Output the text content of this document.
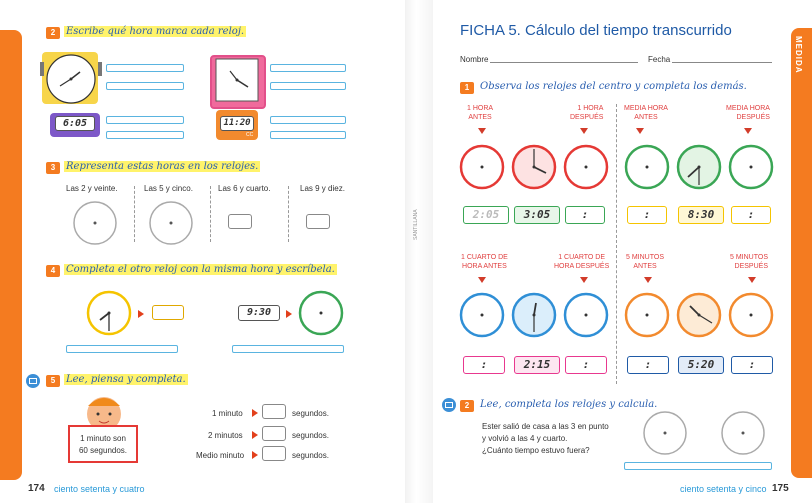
MEDIDA
SANTILLANA
2	Escribe qué hora marca cada reloj.
6:05	11:20
CC
3	Representa estas horas en los relojes.
Las 2 y veinte.	Las 5 y cinco.	Las 6 y cuarto.	Las 9 y diez.
4	Completa el otro reloj con la misma hora y escríbela.
9:30
5	Lee, piensa y completa.
1 minuto son
60 segundos.
1 minuto	segundos.
2 minutos	segundos.
Medio minuto	segundos.
174 ciento setenta y cuatro
FICHA 5. Cálculo del tiempo transcurrido
Nombre	Fecha
1	Observa los relojes del centro y completa los demás.
1 HORA
ANTES
1 HORA
DESPUÉS
MEDIA HORA
ANTES
MEDIA HORA
DESPUÉS
2:05	3:05	:	:	8:30	:
1 CUARTO DE
HORA ANTES
1 CUARTO DE
HORA DESPUÉS
5 MINUTOS
ANTES
5 MINUTOS
DESPUÉS
:	2:15	:	:	5:20	:
2	Lee, completa los relojes y calcula.
Ester salió de casa a las 3 en punto
y volvió a las 4 y cuarto.
¿Cuánto tiempo estuvo fuera?
ciento setenta y cinco 175
